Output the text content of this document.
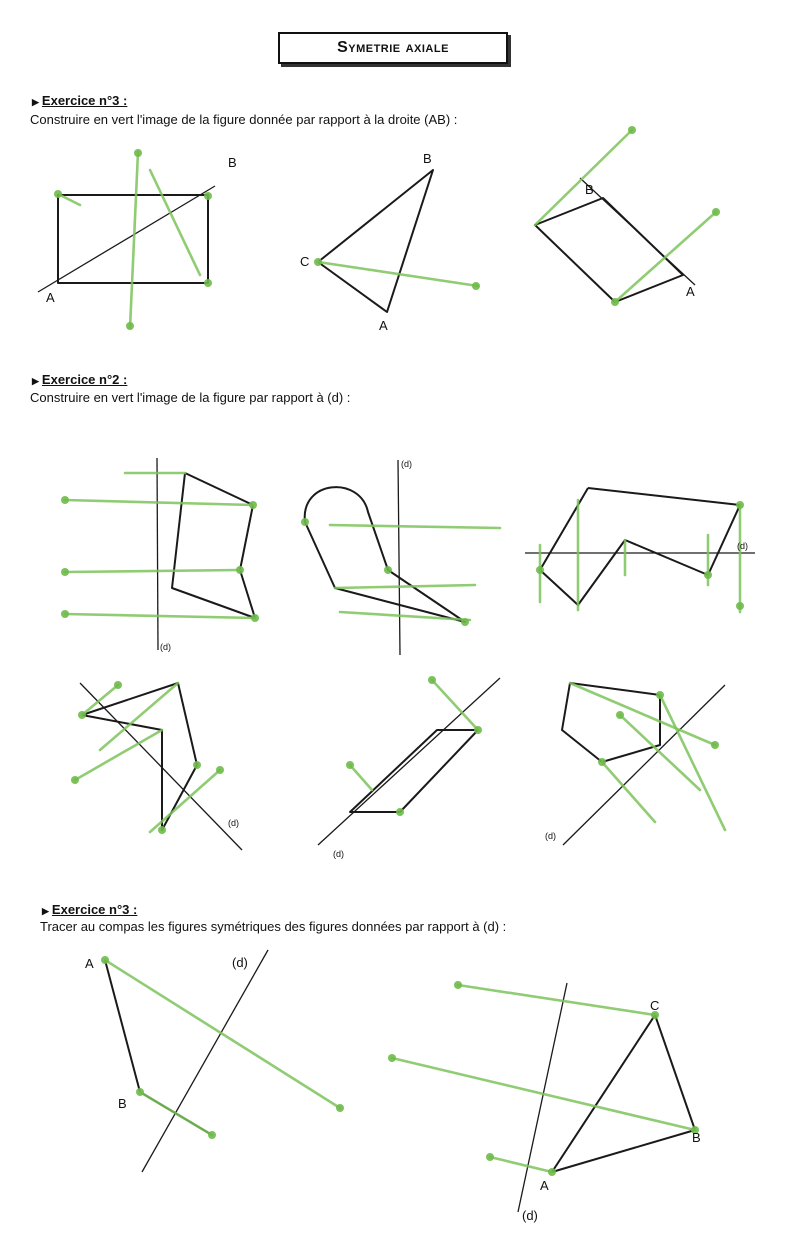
Symetrie axiale
▶ Exercice n°3 :
Construire en vert l'image de la figure donnée par rapport à la droite (AB) :
▶ Exercice n°2 :
Construire en vert l'image de la figure par rapport à (d) :
▶ Exercice n°3 :
Tracer au compas les figures symétriques des figures données par rapport à (d) :
A
B	B
C
A
B
A
(d)
(d)
(d)
(d)
(d)
(d)
A
B
(d)
C
B
A
(d)
